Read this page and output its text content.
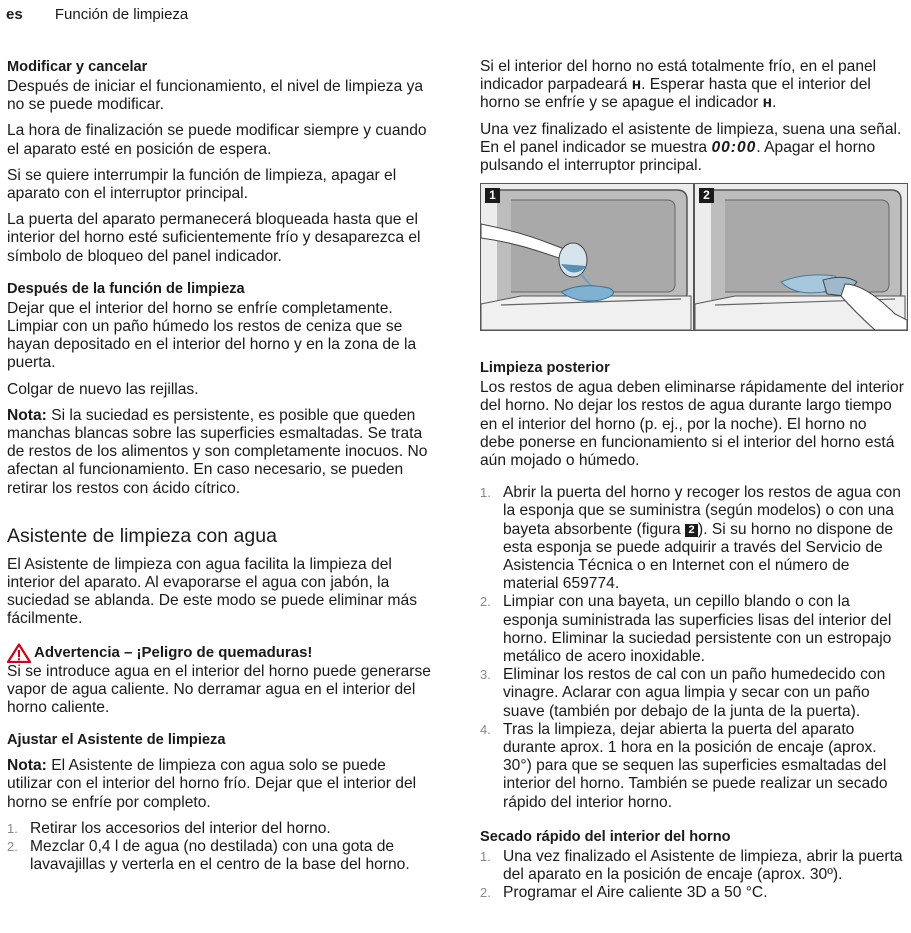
es Función de limpieza
Modificar y cancelar

Después de iniciar el funcionamiento, el nivel de limpieza ya no se puede modificar.

La hora de finalización se puede modificar siempre y cuando el aparato esté en posición de espera.

Si se quiere interrumpir la función de limpieza, apagar el aparato con el interruptor principal.

La puerta del aparato permanecerá bloqueada hasta que el interior del horno esté suficientemente frío y desaparezca el símbolo de bloqueo del panel indicador.

Después de la función de limpieza

Dejar que el interior del horno se enfríe completamente. Limpiar con un paño húmedo los restos de ceniza que se hayan depositado en el interior del horno y en la zona de la puerta.

Colgar de nuevo las rejillas.

Nota: Si la suciedad es persistente, es posible que queden manchas blancas sobre las superficies esmaltadas. Se trata de restos de los alimentos y son completamente inocuos. No afectan al funcionamiento. En caso necesario, se pueden retirar los restos con ácido cítrico.

Asistente de limpieza con agua

El Asistente de limpieza con agua facilita la limpieza del interior del aparato. Al evaporarse el agua con jabón, la suciedad se ablanda. De este modo se puede eliminar más fácilmente.

Advertencia – ¡Peligro de quemaduras!

Si se introduce agua en el interior del horno puede generarse vapor de agua caliente. No derramar agua en el interior del horno caliente.

Ajustar el Asistente de limpieza

Nota: El Asistente de limpieza con agua solo se puede utilizar con el interior del horno frío. Dejar que el interior del horno se enfríe por completo.

1. Retirar los accesorios del interior del horno.
2. Mezclar 0,4 l de agua (no destilada) con una gota de lavavajillas y verterla en el centro de la base del horno.

Si el interior del horno no está totalmente frío, en el panel indicador parpadeará ʜ. Esperar hasta que el interior del horno se enfríe y se apague el indicador ʜ.

Una vez finalizado el asistente de limpieza, suena una señal. En el panel indicador se muestra 00:00. Apagar el horno pulsando el interruptor principal.

1	2
Limpieza posterior

Los restos de agua deben eliminarse rápidamente del interior del horno. No dejar los restos de agua durante largo tiempo en el interior del horno (p. ej., por la noche). El horno no debe ponerse en funcionamiento si el interior del horno está aún mojado o húmedo.

1. Abrir la puerta del horno y recoger los restos de agua con la esponja que se suministra (según modelos) o con una bayeta absorbente (figura 2 ). Si su horno no dispone de esta esponja se puede adquirir a través del Servicio de Asistencia Técnica o en Internet con el número de material 659774.
2. Limpiar con una bayeta, un cepillo blando o con la esponja suministrada las superficies lisas del interior del horno. Eliminar la suciedad persistente con un estropajo metálico de acero inoxidable.
3. Eliminar los restos de cal con un paño humedecido con vinagre. Aclarar con agua limpia y secar con un paño suave (también por debajo de la junta de la puerta).
4. Tras la limpieza, dejar abierta la puerta del aparato durante aprox. 1 hora en la posición de encaje (aprox. 30°) para que se sequen las superficies esmaltadas del interior del horno. También se puede realizar un secado rápido del interior horno.
Secado rápido del interior del horno
1. Una vez finalizado el Asistente de limpieza, abrir la puerta del aparato en la posición de encaje (aprox. 30º).
2. Programar el Aire caliente 3D a 50 °C.
